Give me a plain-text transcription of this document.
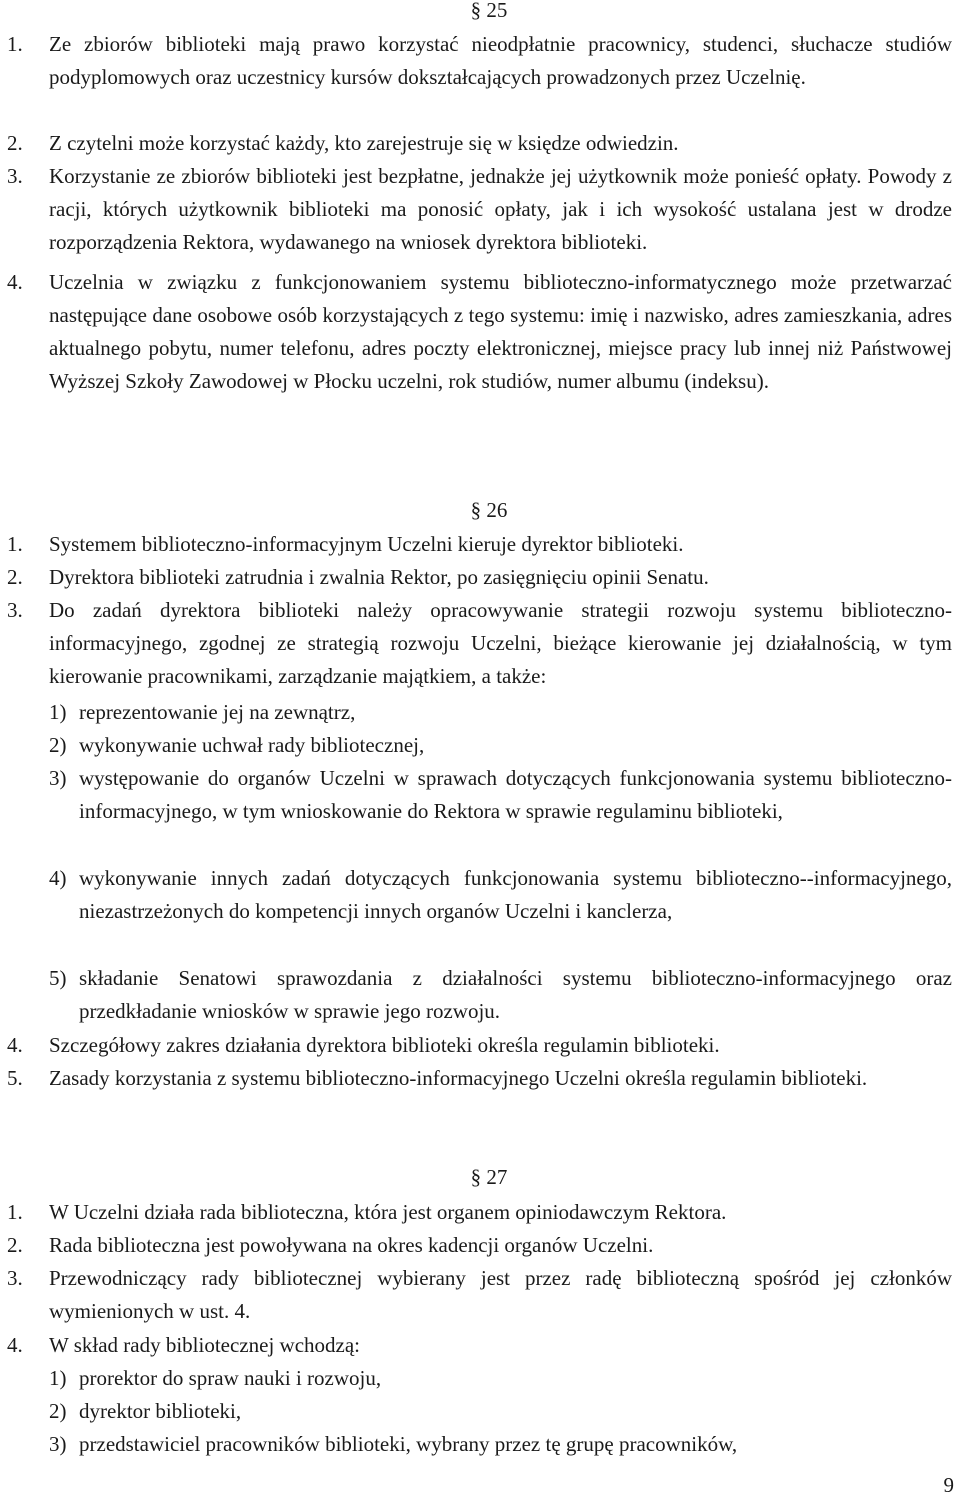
§ 25
1. Ze zbiorów biblioteki mają prawo korzystać nieodpłatnie pracownicy, studenci, słuchacze studiów podyplomowych oraz uczestnicy kursów dokształcających prowadzonych przez Uczelnię.
2. Z czytelni może korzystać każdy, kto zarejestruje się w księdze odwiedzin.
3. Korzystanie ze zbiorów biblioteki jest bezpłatne, jednakże jej użytkownik może ponieść opłaty. Powody z racji, których użytkownik biblioteki ma ponosić opłaty, jak i ich wysokość ustalana jest w drodze rozporządzenia Rektora, wydawanego na wniosek dyrektora biblioteki.
4. Uczelnia w związku z funkcjonowaniem systemu biblioteczno-informatycznego może przetwarzać następujące dane osobowe osób korzystających z tego systemu: imię i nazwisko, adres zamieszkania, adres aktualnego pobytu, numer telefonu, adres poczty elektronicznej, miejsce pracy lub innej niż Państwowej Wyższej Szkoły Zawodowej w Płocku uczelni, rok studiów, numer albumu (indeksu).
§ 26
1. Systemem biblioteczno-informacyjnym Uczelni kieruje dyrektor biblioteki.
2. Dyrektora biblioteki zatrudnia i zwalnia Rektor, po zasięgnięciu opinii Senatu.
3. Do zadań dyrektora biblioteki należy opracowywanie strategii rozwoju systemu biblioteczno-informacyjnego, zgodnej ze strategią rozwoju Uczelni, bieżące kierowanie jej działalnością, w tym kierowanie pracownikami, zarządzanie majątkiem, a także:
1) reprezentowanie jej na zewnątrz,
2) wykonywanie uchwał rady bibliotecznej,
3) występowanie do organów Uczelni w sprawach dotyczących funkcjonowania systemu biblioteczno-informacyjnego, w tym wnioskowanie do Rektora w sprawie regulaminu biblioteki,
4) wykonywanie innych zadań dotyczących funkcjonowania systemu biblioteczno--informacyjnego, niezastrzeżonych do kompetencji innych organów Uczelni i kanclerza,
5) składanie Senatowi sprawozdania z działalności systemu biblioteczno-informacyjnego oraz przedkładanie wniosków w sprawie jego rozwoju.
4. Szczegółowy zakres działania dyrektora biblioteki określa regulamin biblioteki.
5. Zasady korzystania z systemu biblioteczno-informacyjnego Uczelni określa regulamin biblioteki.
§ 27
1. W Uczelni działa rada biblioteczna, która jest organem opiniodawczym Rektora.
2. Rada biblioteczna jest powoływana na okres kadencji organów Uczelni.
3. Przewodniczący rady bibliotecznej wybierany jest przez radę biblioteczną spośród jej członków wymienionych w ust. 4.
4. W skład rady bibliotecznej wchodzą:
1) prorektor do spraw nauki i rozwoju,
2) dyrektor biblioteki,
3) przedstawiciel pracowników biblioteki, wybrany przez tę grupę pracowników,
9
